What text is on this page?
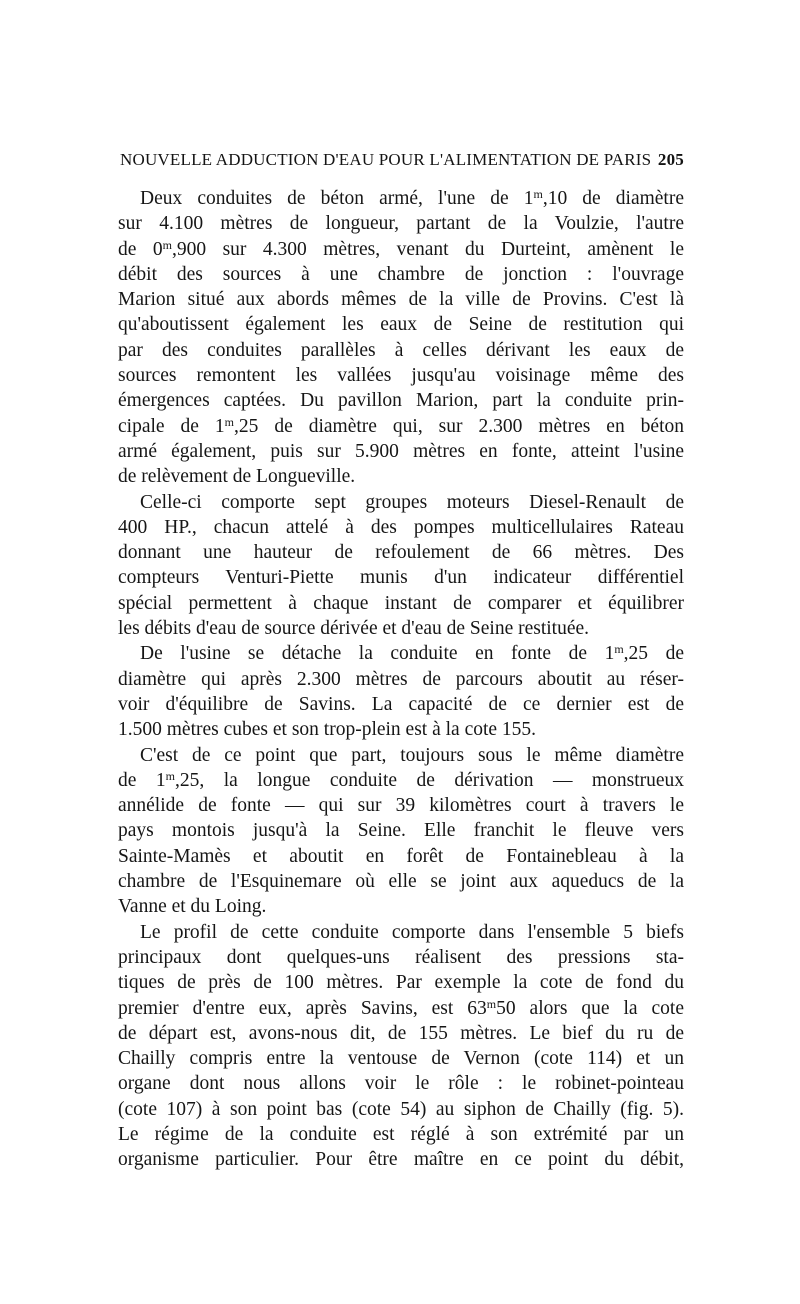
NOUVELLE ADDUCTION D'EAU POUR L'ALIMENTATION DE PARIS 205
Deux conduites de béton armé, l'une de 1$^m$,10 de diamètre
sur 4.100 mètres de longueur, partant de la Voulzie, l'autre
de 0$^m$,900 sur 4.300 mètres, venant du Durteint, amènent le
débit des sources à une chambre de jonction : l'ouvrage
Marion situé aux abords mêmes de la ville de Provins. C'est là
qu'aboutissent également les eaux de Seine de restitution qui
par des conduites parallèles à celles dérivant les eaux de
sources remontent les vallées jusqu'au voisinage même des
émergences captées. Du pavillon Marion, part la conduite prin-
cipale de 1$^m$,25 de diamètre qui, sur 2.300 mètres en béton
armé également, puis sur 5.900 mètres en fonte, atteint l'usine
de relèvement de Longueville.
Celle-ci comporte sept groupes moteurs Diesel-Renault de
400 HP., chacun attelé à des pompes multicellulaires Rateau
donnant une hauteur de refoulement de 66 mètres. Des
compteurs Venturi-Piette munis d'un indicateur différentiel
spécial permettent à chaque instant de comparer et équilibrer
les débits d'eau de source dérivée et d'eau de Seine restituée.
De l'usine se détache la conduite en fonte de 1$^m$,25 de
diamètre qui après 2.300 mètres de parcours aboutit au réser-
voir d'équilibre de Savins. La capacité de ce dernier est de
1.500 mètres cubes et son trop-plein est à la cote 155.
C'est de ce point que part, toujours sous le même diamètre
de 1$^m$,25, la longue conduite de dérivation — monstrueux
annélide de fonte — qui sur 39 kilomètres court à travers le
pays montois jusqu'à la Seine. Elle franchit le fleuve vers
Sainte-Mamès et aboutit en forêt de Fontainebleau à la
chambre de l'Esquinemare où elle se joint aux aqueducs de la
Vanne et du Loing.
Le profil de cette conduite comporte dans l'ensemble 5 biefs
principaux dont quelques-uns réalisent des pressions sta-
tiques de près de 100 mètres. Par exemple la cote de fond du
premier d'entre eux, après Savins, est 63$^m$50 alors que la cote
de départ est, avons-nous dit, de 155 mètres. Le bief du ru de
Chailly compris entre la ventouse de Vernon (cote 114) et un
organe dont nous allons voir le rôle : le robinet-pointeau
(cote 107) à son point bas (cote 54) au siphon de Chailly (fig. 5).
Le régime de la conduite est réglé à son extrémité par un
organisme particulier. Pour être maître en ce point du débit,
